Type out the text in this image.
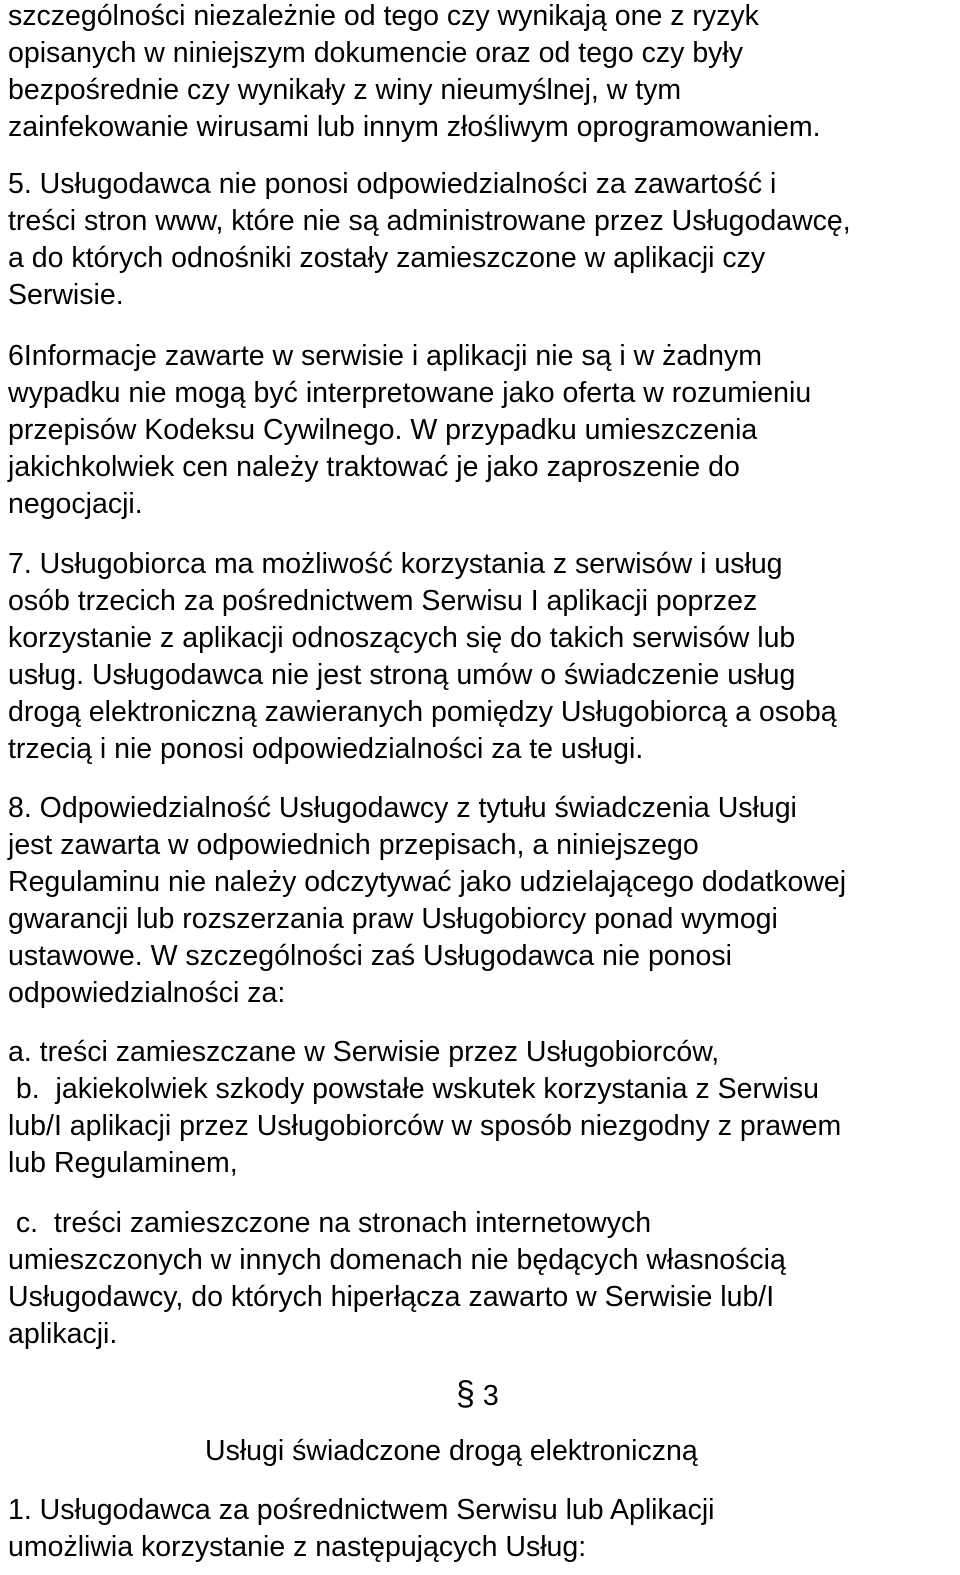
szczególności niezależnie od tego czy wynikają one z ryzyk
opisanych w niniejszym dokumencie oraz od tego czy były
bezpośrednie czy wynikały z winy nieumyślnej, w tym
zainfekowanie wirusami lub innym złośliwym oprogramowaniem.
5. Usługodawca nie ponosi odpowiedzialności za zawartość i
treści stron www, które nie są administrowane przez Usługodawcę,
a do których odnośniki zostały zamieszczone w aplikacji czy
Serwisie.
6Informacje zawarte w serwisie i aplikacji nie są i w żadnym
wypadku nie mogą być interpretowane jako oferta w rozumieniu
przepisów Kodeksu Cywilnego. W przypadku umieszczenia
jakichkolwiek cen należy traktować je jako zaproszenie do
negocjacji.
7. Usługobiorca ma możliwość korzystania z serwisów i usług
osób trzecich za pośrednictwem Serwisu I aplikacji poprzez
korzystanie z aplikacji odnoszących się do takich serwisów lub
usług. Usługodawca nie jest stroną umów o świadczenie usług
drogą elektroniczną zawieranych pomiędzy Usługobiorcą a osobą
trzecią i nie ponosi odpowiedzialności za te usługi.
8. Odpowiedzialność Usługodawcy z tytułu świadczenia Usługi
jest zawarta w odpowiednich przepisach, a niniejszego
Regulaminu nie należy odczytywać jako udzielającego dodatkowej
gwarancji lub rozszerzania praw Usługobiorcy ponad wymogi
ustawowe. W szczególności zaś Usługodawca nie ponosi
odpowiedzialności za:
a. treści zamieszczane w Serwisie przez Usługobiorców,
b.  jakiekolwiek szkody powstałe wskutek korzystania z Serwisu
lub/I aplikacji przez Usługobiorców w sposób niezgodny z prawem
lub Regulaminem,
c.  treści zamieszczone na stronach internetowych
umieszczonych w innych domenach nie będących własnością
Usługodawcy, do których hiperłącza zawarto w Serwisie lub/I
aplikacji.
§ 3
Usługi świadczone drogą elektroniczną
1. Usługodawca za pośrednictwem Serwisu lub Aplikacji
umożliwia korzystanie z następujących Usług:
